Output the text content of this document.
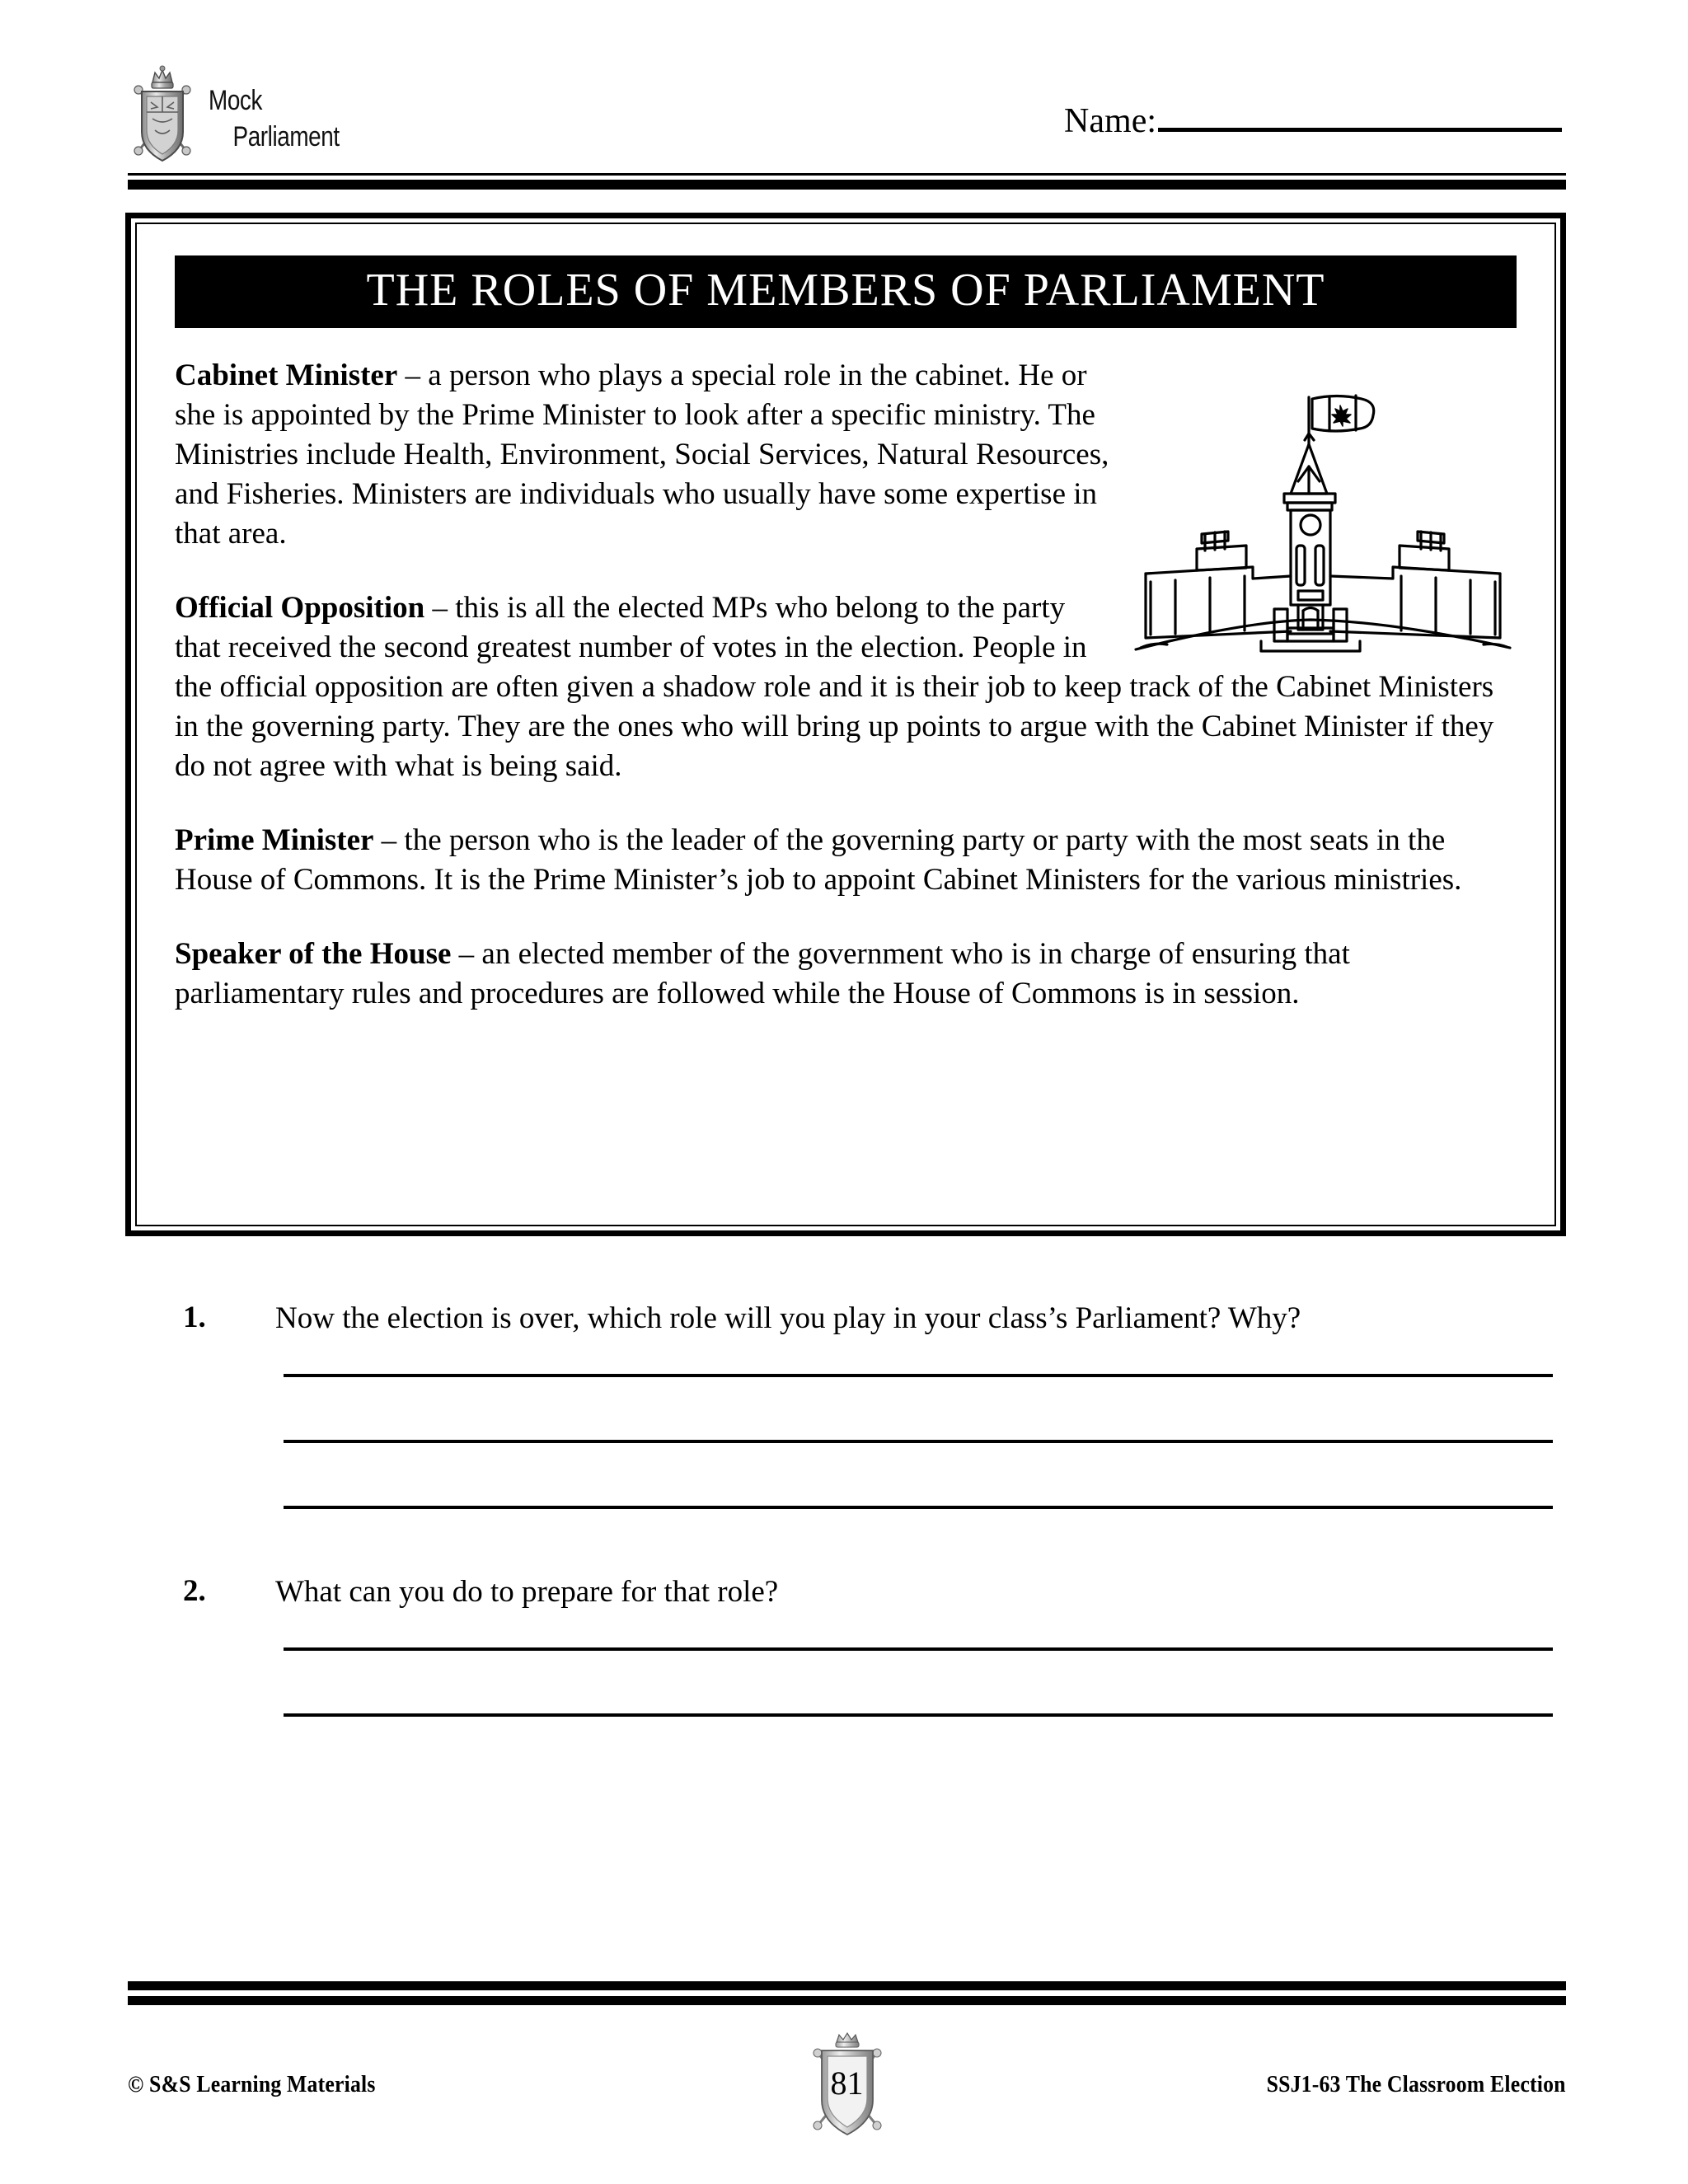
Mock
Parliament	Name:
THE ROLES OF MEMBERS OF PARLIAMENT

Cabinet Minister – a person who plays a special role in the cabinet. He or she is appointed by the Prime Minister to look after a specific ministry. The Ministries include Health, Environment, Social Services, Natural Resources, and Fisheries. Ministers are individuals who usually have some expertise in that area.

Official Opposition – this is all the elected MPs who belong to the party that received the second greatest number of votes in the election. People in the official opposition are often given a shadow role and it is their job to keep track of the Cabinet Ministers in the governing party. They are the ones who will bring up points to argue with the Cabinet Minister if they do not agree with what is being said.

Prime Minister – the person who is the leader of the governing party or party with the most seats in the House of Commons. It is the Prime Minister’s job to appoint Cabinet Ministers for the various ministries.

Speaker of the House – an elected member of the government who is in charge of ensuring that parliamentary rules and procedures are followed while the House of Commons is in session.

1. Now the election is over, which role will you play in your class’s Parliament? Why?
2. What can you do to prepare for that role?
© S&S Learning Materials	81	SSJ1-63 The Classroom Election
